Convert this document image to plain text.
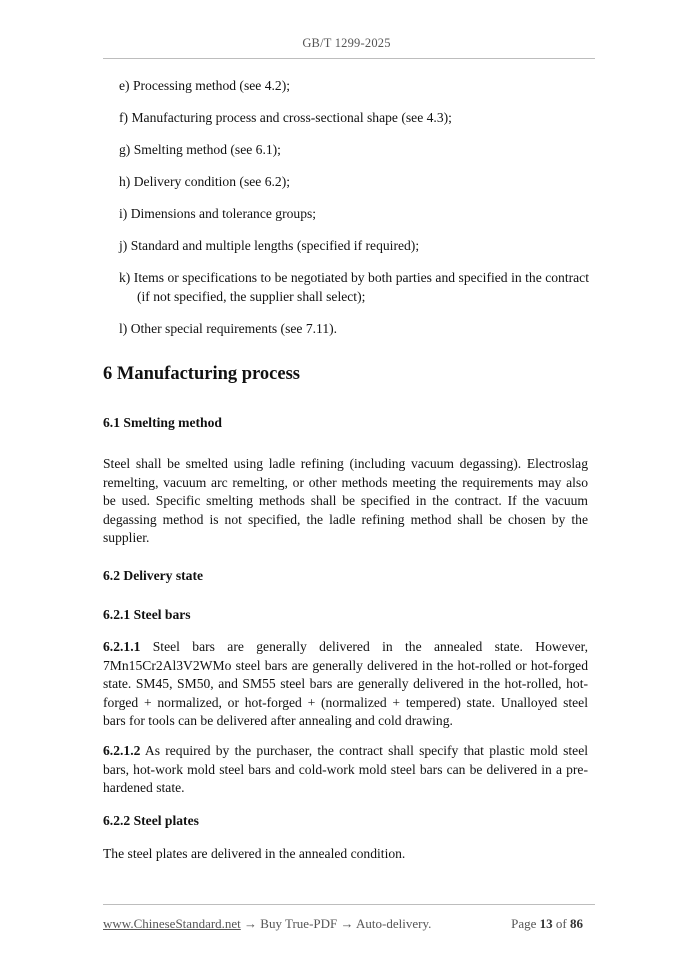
GB/T 1299-2025

e) Processing method (see 4.2);

f) Manufacturing process and cross-sectional shape (see 4.3);

g) Smelting method (see 6.1);

h) Delivery condition (see 6.2);

i) Dimensions and tolerance groups;

j) Standard and multiple lengths (specified if required);

k) Items or specifications to be negotiated by both parties and specified in the contract (if not specified, the supplier shall select);

l) Other special requirements (see 7.11).

6 Manufacturing process
6.1 Smelting method

Steel shall be smelted using ladle refining (including vacuum degassing). Electroslag remelting, vacuum arc remelting, or other methods meeting the requirements may also be used. Specific smelting methods shall be specified in the contract. If the vacuum degassing method is not specified, the ladle refining method shall be chosen by the supplier.

6.2 Delivery state
6.2.1 Steel bars

6.2.1.1 Steel bars are generally delivered in the annealed state. However, 7Mn15Cr2Al3V2WMo steel bars are generally delivered in the hot-rolled or hot-forged state. SM45, SM50, and SM55 steel bars are generally delivered in the hot-rolled, hot-forged + normalized, or hot-forged + (normalized + tempered) state. Unalloyed steel bars for tools can be delivered after annealing and cold drawing.

6.2.1.2 As required by the purchaser, the contract shall specify that plastic mold steel bars, hot-work mold steel bars and cold-work mold steel bars can be delivered in a pre-hardened state.

6.2.2 Steel plates

The steel plates are delivered in the annealed condition.

www.ChineseStandard.net → Buy True-PDF → Auto-delivery.	Page 13 of 86
